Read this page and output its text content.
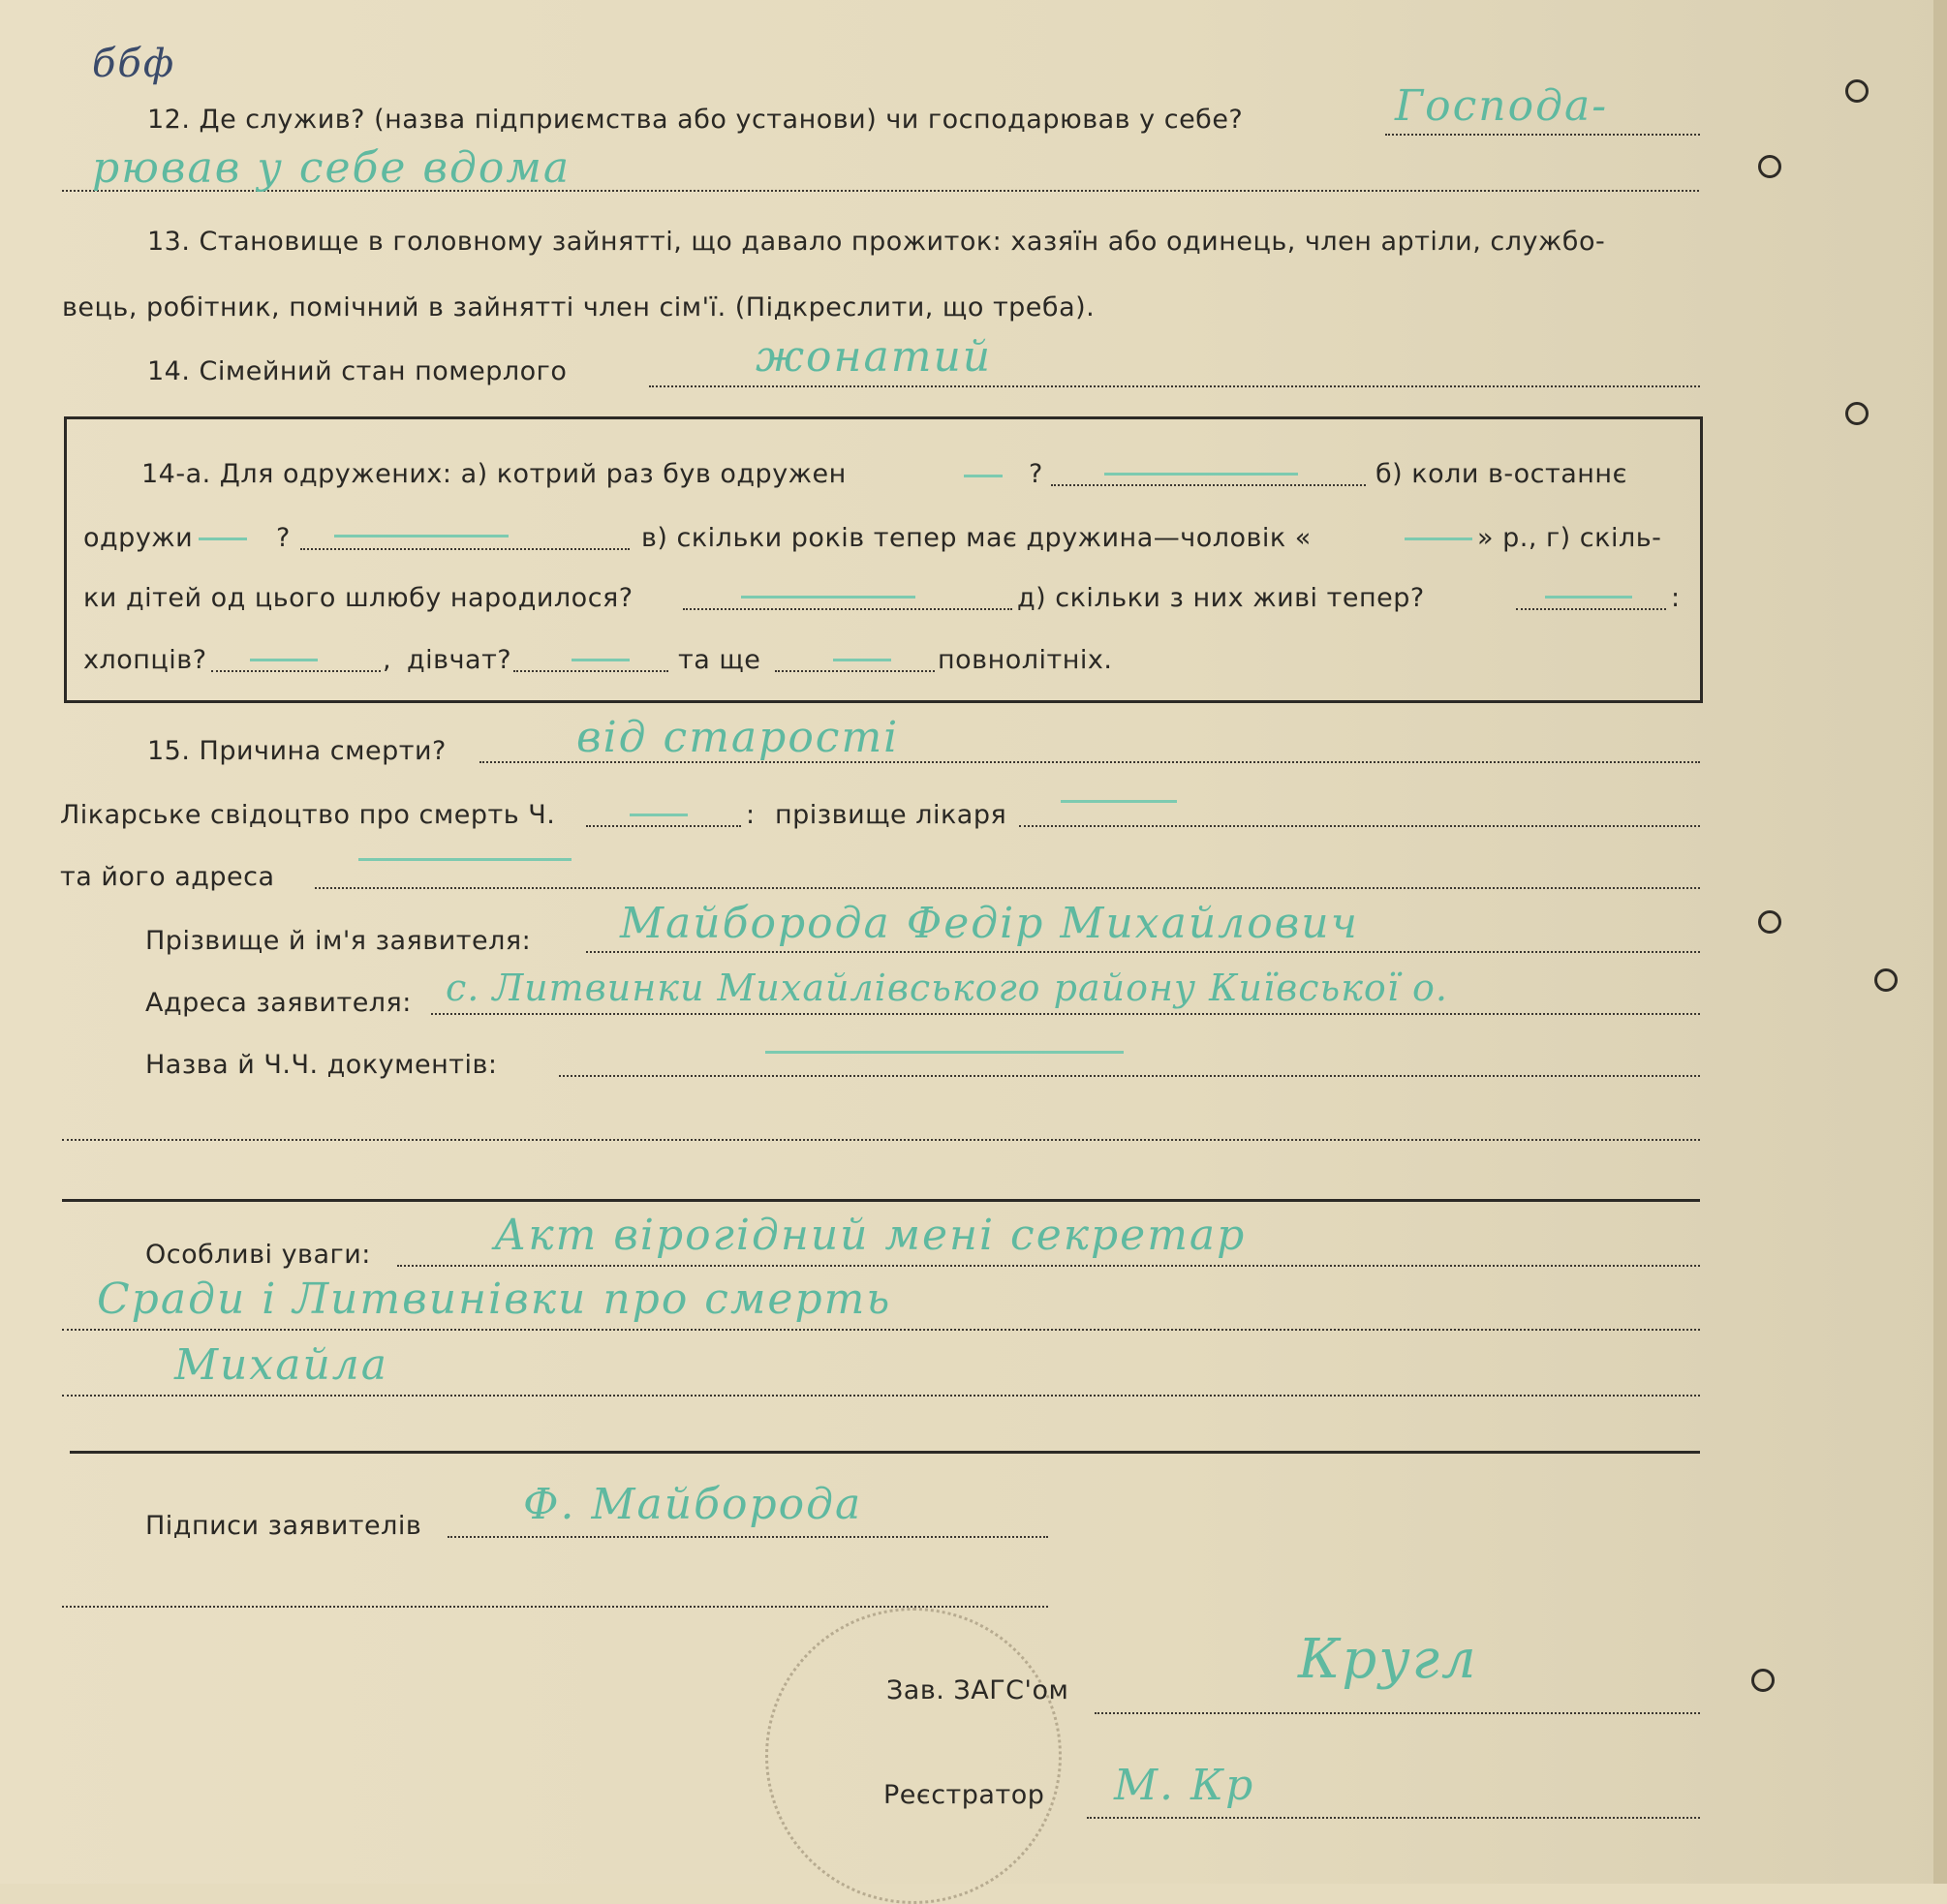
ббф
12. Де служив? (назва підприємства або установи) чи господарював у себе?	Господа-
рював у себе вдома
13. Становище в головному зайнятті, що давало прожиток: хазяїн або одинець, член артіли, службо-
вець, робітник, помічний в зайнятті член сім'ї. (Підкреслити, що треба).
14. Сімейний стан померлого	жонатий
14-а. Для одружених: а) котрий раз був одружен	?	б) коли в-останнє
одружи	?	в) скільки років тепер має дружина—чоловік «	» р., г) скіль-
ки дітей од цього шлюбу народилося?	д) скільки з них живі тепер?	:
хлопців?	, дівчат?	та ще	повнолітніх.
15. Причина смерти?	від старості
Лікарське свідоцтво про смерть Ч.	: прізвище лікаря
та його адреса
Прізвище й ім'я заявителя: Майборода Федір Михайлович
Адреса заявителя: с. Литвинки Михайлівського району Київської о.
Назва й Ч.Ч. документів:
Особливі уваги:	Акт вірогідний мені секретар
Сради і Литвинівки про смерть
Михайла
Підписи заявителів Ф. Майборода
Зав. ЗАГС'ом	Кругл
Реєстратор М. Кр
